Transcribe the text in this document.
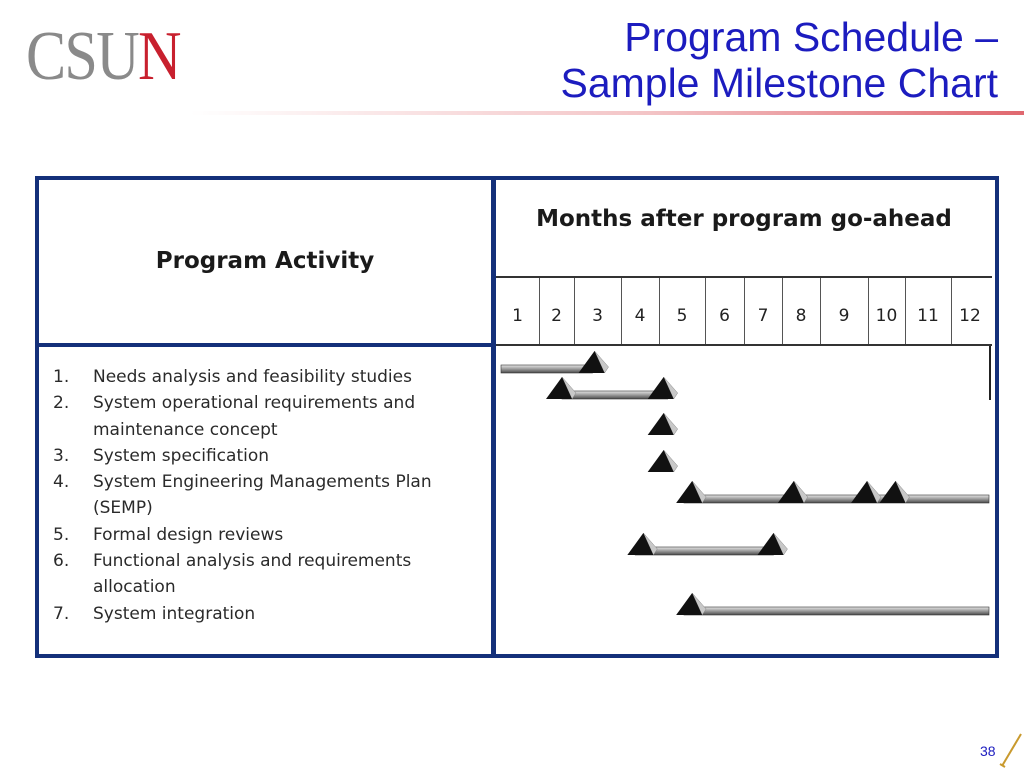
CSUN	Program Schedule –
Sample Milestone Chart
Program Activity
Months after program go-ahead
1 2 3 4 5 6 7 8 9 10 11 12
1. Needs analysis and feasibility studies
2. System operational requirements and maintenance concept
3. System specification
4. System Engineering Managements Plan (SEMP)
5. Formal design reviews
6. Functional analysis and requirements allocation
7. System integration
38
